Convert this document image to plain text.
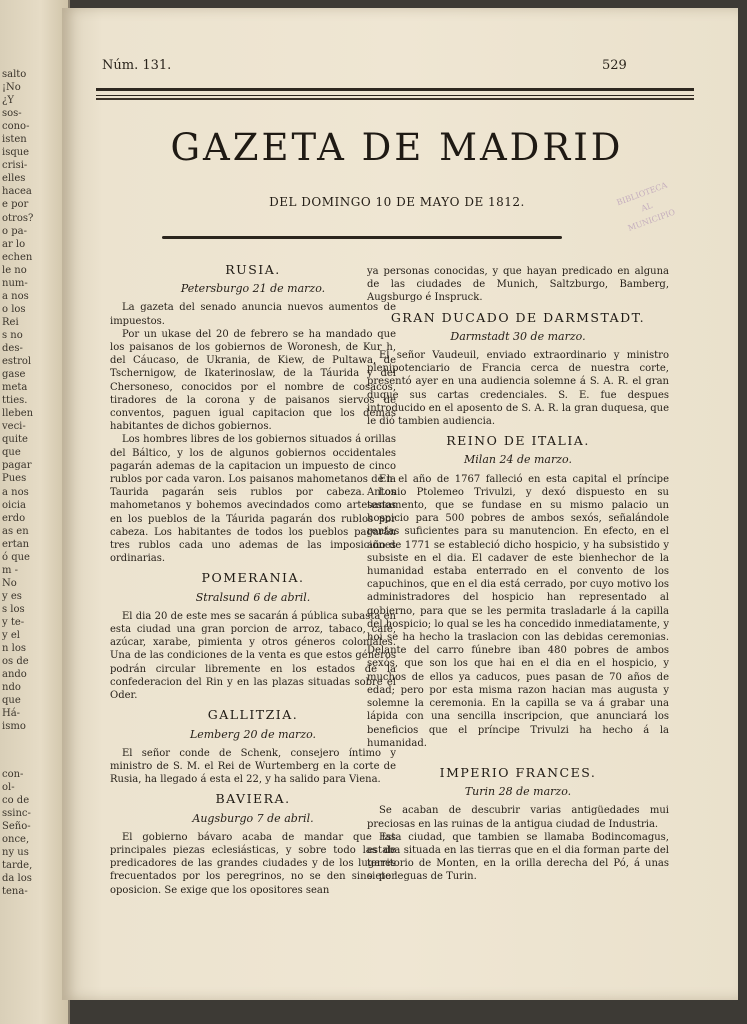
salto
¡No
¿Y
sos-
cono-
isten
isque
crisi-
elles
hacea
e por
otros?
o pa-
ar lo
echen
le no
num-
a nos
o los
Rei
s no
des-
estrol
gase
meta
tties.
lleben
veci-
quite
que
pagar
Pues
a nos
oicia
erdo
as en
ertan
ó que
m -
No
y es
s los
y te-
y el
n los
os de
ando
ndo
que
Há-
ismo
con-
ol-
co de
ssinc-
Seño-
once,
ny us
tarde,
da los
tena-
Núm. 131.	529
GAZETA DE MADRID
DEL DOMINGO 10 DE MAYO DE 1812.	BIBLIOTECA AL MUNICIPIO
RUSIA.
Petersburgo 21 de marzo.

La gazeta del senado anuncia nuevos aumentos de impuestos.

Por un ukase del 20 de febrero se ha mandado que los paisanos de los gobiernos de Woronesh, de Kur h, del Cáucaso, de Ukrania, de Kiew, de Pultawa, de Tschernigow, de Ikaterinoslaw, de la Táurida y del Chersoneso, conocidos por el nombre de cosacos, tiradores de la corona y de paisanos siervos de conventos, paguen igual capitacion que los demas habitantes de dichos gobiernos.

Los hombres libres de los gobiernos situados á orillas del Báltico, y los de algunos gobiernos occidentales pagarán ademas de la capitacion un impuesto de cinco rublos por cada varon. Los paisanos mahometanos de la Taurida pagarán seis rublos por cabeza. Los mahometanos y bohemos avecindados como artesanos en los pueblos de la Táurida pagarán dos rublos por cabeza. Los habitantes de todos los pueblos pagarán tres rublos cada uno ademas de las imposiciones ordinarias.

POMERANIA.
Stralsund 6 de abril.

El dia 20 de este mes se sacarán á pública subasta en esta ciudad una gran porcion de arroz, tabaco, café, azúcar, xarabe, pimienta y otros géneros coloniales. Una de las condiciones de la venta es que estos géneros podrán circular libremente en los estados de la confederacion del Rin y en las plazas situadas sobre el Oder.

GALLITZIA.
Lemberg 20 de marzo.

El señor conde de Schenk, consejero íntimo y ministro de S. M. el Rei de Wurtemberg en la corte de Rusia, ha llegado á esta el 22, y ha salido para Viena.

BAVIERA.
Augsburgo 7 de abril.

El gobierno bávaro acaba de mandar que las principales piezas eclesiásticas, y sobre todo las de predicadores de las grandes ciudades y de los lugares frecuentados por los peregrinos, no se den sino por oposicion. Se exige que los opositores sean

ya personas conocidas, y que hayan predicado en alguna de las ciudades de Munich, Saltzburgo, Bamberg, Augsburgo é Inspruck.

GRAN DUCADO DE DARMSTADT.
Darmstadt 30 de marzo.

El señor Vaudeuil, enviado extraordinario y ministro plenipotenciario de Francia cerca de nuestra corte, presentó ayer en una audiencia solemne á S. A. R. el gran duque sus cartas credenciales. S. E. fue despues introducido en el aposento de S. A. R. la gran duquesa, que le dió tambien audiencia.

REINO DE ITALIA.
Milan 24 de marzo.

En el año de 1767 falleció en esta capital el príncipe Antonio Ptolemeo Trivulzi, y dexó dispuesto en su testamento, que se fundase en su mismo palacio un hospicio para 500 pobres de ambos sexós, señalándole rentas suficientes para su manutencion. En efecto, en el año de 1771 se estableció dicho hospicio, y ha subsistido y subsiste en el dia. El cadaver de este bienhechor de la humanidad estaba enterrado en el convento de los capuchinos, que en el dia está cerrado, por cuyo motivo los administradores del hospicio han representado al gobierno, para que se les permita trasladarle á la capilla del hospicio; lo qual se les ha concedido inmediatamente, y hoi se ha hecho la traslacion con las debidas ceremonias. Delante del carro fúnebre iban 480 pobres de ambos sexós, que son los que hai en el dia en el hospicio, y muchos de ellos ya caducos, pues pasan de 70 años de edad; pero por esta misma razon hacian mas augusta y solemne la ceremonia. En la capilla se va á grabar una lápida con una sencilla inscripcion, que anunciará los beneficios que el príncipe Trivulzi ha hecho á la humanidad.

IMPERIO FRANCES.
Turin 28 de marzo.

Se acaban de descubrir varias antigüedades mui preciosas en las ruinas de la antigua ciudad de Industria.

Esta ciudad, que tambien se llamaba Bodincomagus, estaba situada en las tierras que en el dia forman parte del territorio de Monten, en la orilla derecha del Pó, á unas siete leguas de Turin.
